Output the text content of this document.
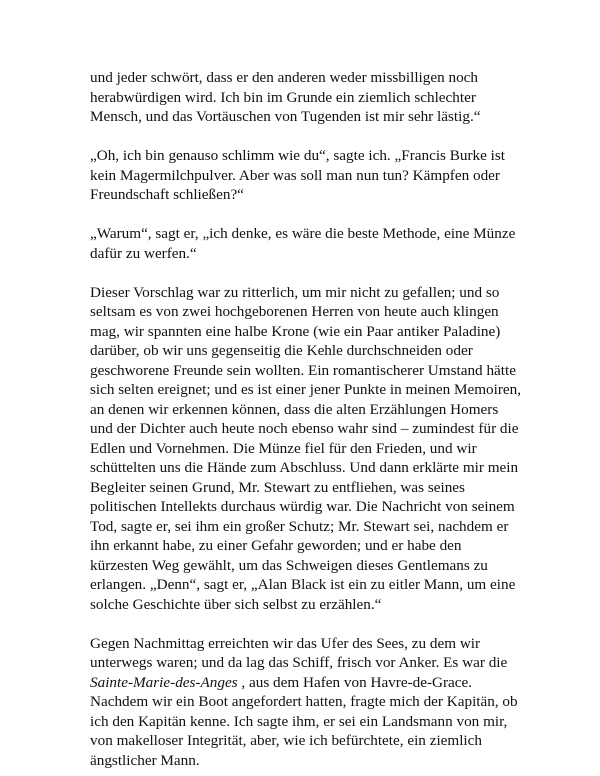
und jeder schwört, dass er den anderen weder missbilligen noch
herabwürdigen wird. Ich bin im Grunde ein ziemlich schlechter
Mensch, und das Vortäuschen von Tugenden ist mir sehr lästig.“

„Oh, ich bin genauso schlimm wie du“, sagte ich. „Francis Burke ist
kein Magermilchpulver. Aber was soll man nun tun? Kämpfen oder
Freundschaft schließen?“

„Warum“, sagt er, „ich denke, es wäre die beste Methode, eine Münze
dafür zu werfen.“

Dieser Vorschlag war zu ritterlich, um mir nicht zu gefallen; und so
seltsam es von zwei hochgeborenen Herren von heute auch klingen
mag, wir spannten eine halbe Krone (wie ein Paar antiker Paladine)
darüber, ob wir uns gegenseitig die Kehle durchschneiden oder
geschworene Freunde sein wollten. Ein romantischerer Umstand hätte
sich selten ereignet; und es ist einer jener Punkte in meinen Memoiren,
an denen wir erkennen können, dass die alten Erzählungen Homers
und der Dichter auch heute noch ebenso wahr sind – zumindest für die
Edlen und Vornehmen. Die Münze fiel für den Frieden, und wir
schüttelten uns die Hände zum Abschluss. Und dann erklärte mir mein
Begleiter seinen Grund, Mr. Stewart zu entfliehen, was seines
politischen Intellekts durchaus würdig war. Die Nachricht von seinem
Tod, sagte er, sei ihm ein großer Schutz; Mr. Stewart sei, nachdem er
ihn erkannt habe, zu einer Gefahr geworden; und er habe den
kürzesten Weg gewählt, um das Schweigen dieses Gentlemans zu
erlangen. „Denn“, sagt er, „Alan Black ist ein zu eitler Mann, um eine
solche Geschichte über sich selbst zu erzählen.“

Gegen Nachmittag erreichten wir das Ufer des Sees, zu dem wir
unterwegs waren; und da lag das Schiff, frisch vor Anker. Es war die
Sainte-Marie-des-Anges , aus dem Hafen von Havre-de-Grace.
Nachdem wir ein Boot angefordert hatten, fragte mich der Kapitän, ob
ich den Kapitän kenne. Ich sagte ihm, er sei ein Landsmann von mir,
von makelloser Integrität, aber, wie ich befürchtete, ein ziemlich
ängstlicher Mann.
